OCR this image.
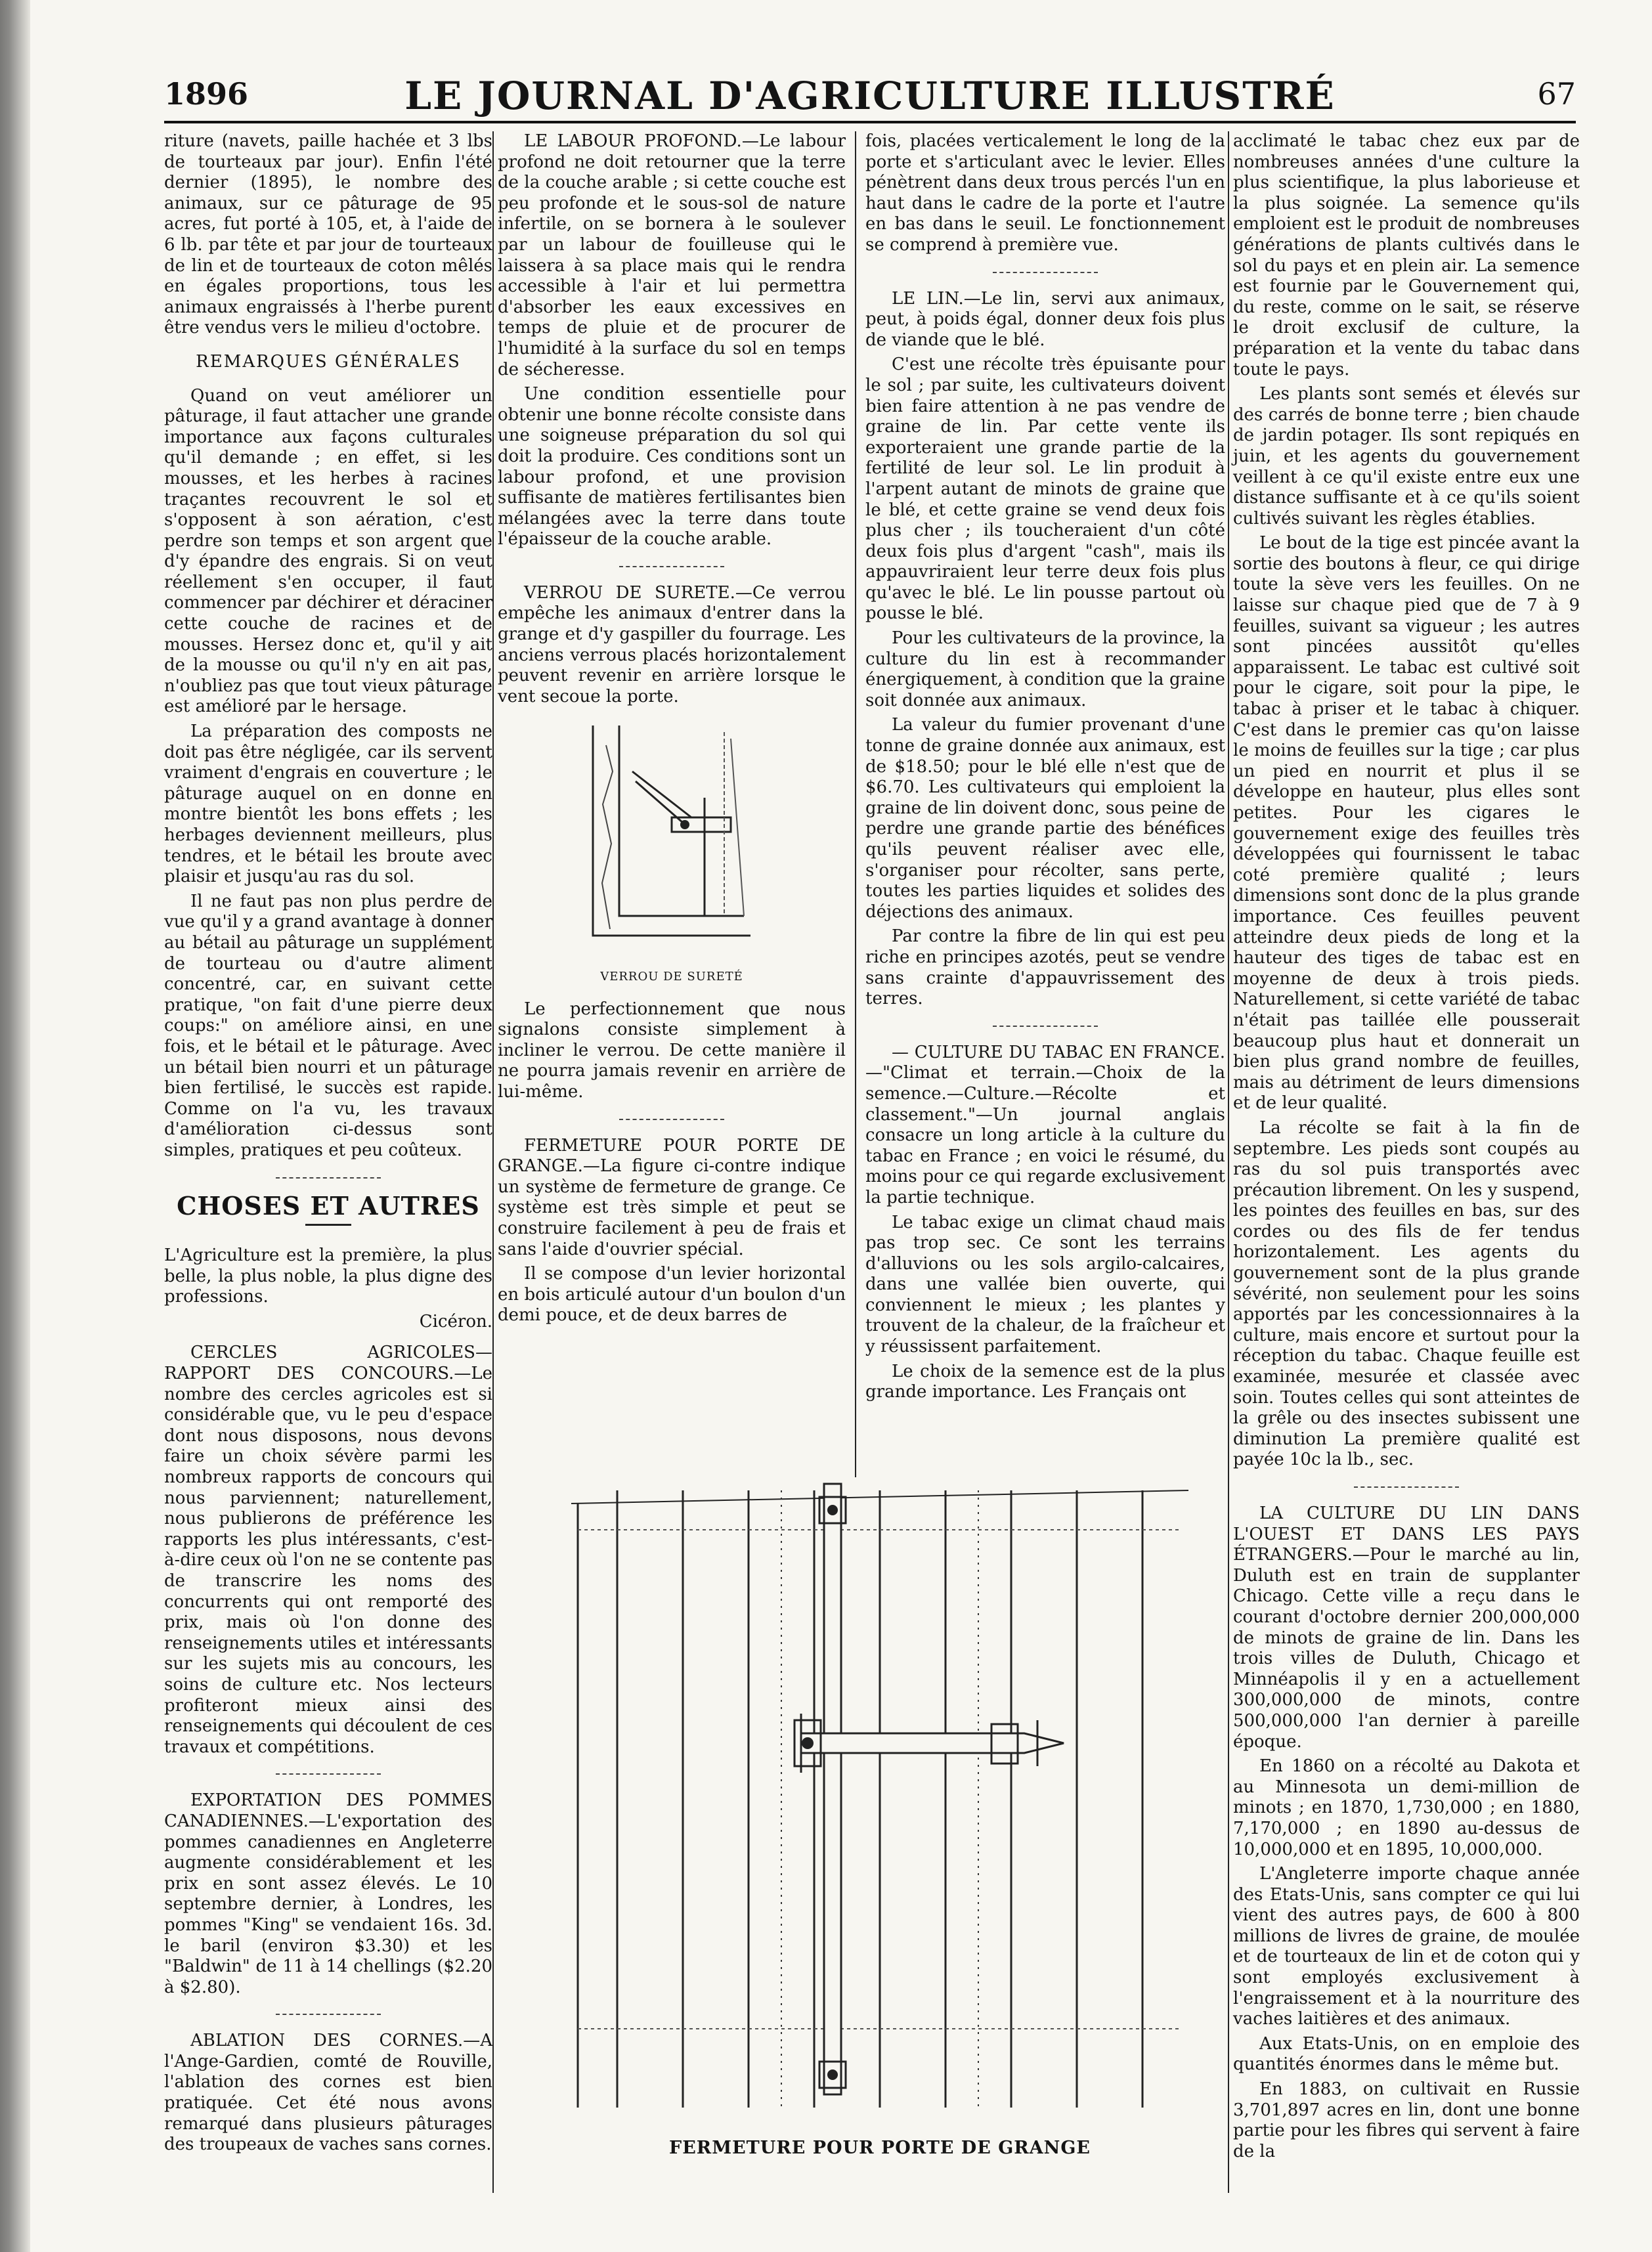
1896	LE JOURNAL D'AGRICULTURE ILLUSTRÉ	67

riture (navets, paille hachée et 3 lbs de tourteaux par jour). Enfin l'été dernier (1895), le nombre des animaux, sur ce pâturage de 95 acres, fut porté à 105, et, à l'aide de 6 lb. par tête et par jour de tourteaux de lin et de tourteaux de coton mêlés en égales proportions, tous les animaux engraissés à l'herbe purent être vendus vers le milieu d'octobre.

REMARQUES GÉNÉRALES

Quand on veut améliorer un pâturage, il faut attacher une grande importance aux façons culturales qu'il demande ; en effet, si les mousses, et les herbes à racines traçantes recouvrent le sol et s'opposent à son aération, c'est perdre son temps et son argent que d'y épandre des engrais. Si on veut réellement s'en occuper, il faut commencer par déchirer et déraciner cette couche de racines et de mousses. Hersez donc et, qu'il y ait de la mousse ou qu'il n'y en ait pas, n'oubliez pas que tout vieux pâturage est amélioré par le hersage.

La préparation des composts ne doit pas être négligée, car ils servent vraiment d'engrais en couverture ; le pâturage auquel on en donne en montre bientôt les bons effets ; les herbages deviennent meilleurs, plus tendres, et le bétail les broute avec plaisir et jusqu'au ras du sol.

Il ne faut pas non plus perdre de vue qu'il y a grand avantage à donner au bétail au pâturage un supplément de tourteau ou d'autre aliment concentré, car, en suivant cette pratique, "on fait d'une pierre deux coups:" on améliore ainsi, en une fois, et le bétail et le pâturage. Avec un bétail bien nourri et un pâturage bien fertilisé, le succès est rapide. Comme on l'a vu, les travaux d'amélioration ci-dessus sont simples, pratiques et peu coûteux.

CHOSES ET AUTRES

L'Agriculture est la première, la plus belle, la plus noble, la plus digne des professions.

Cicéron.

CERCLES AGRICOLES—RAPPORT DES CONCOURS.—Le nombre des cercles agricoles est si considérable que, vu le peu d'espace dont nous disposons, nous devons faire un choix sévère parmi les nombreux rapports de concours qui nous parviennent; naturellement, nous publierons de préférence les rapports les plus intéressants, c'est-à-dire ceux où l'on ne se contente pas de transcrire les noms des concurrents qui ont remporté des prix, mais où l'on donne des renseignements utiles et intéressants sur les sujets mis au concours, les soins de culture etc. Nos lecteurs profiteront mieux ainsi des renseignements qui découlent de ces travaux et compétitions.

EXPORTATION DES POMMES CANADIENNES.—L'exportation des pommes canadiennes en Angleterre augmente considérablement et les prix en sont assez élevés. Le 10 septembre dernier, à Londres, les pommes "King" se vendaient 16s. 3d. le baril (environ $3.30) et les "Baldwin" de 11 à 14 chellings ($2.20 à $2.80).

ABLATION DES CORNES.—A l'Ange-Gardien, comté de Rouville, l'ablation des cornes est bien pratiquée. Cet été nous avons remarqué dans plusieurs pâturages des troupeaux de vaches sans cornes.

LE LABOUR PROFOND.—Le labour profond ne doit retourner que la terre de la couche arable ; si cette couche est peu profonde et le sous-sol de nature infertile, on se bornera à le soulever par un labour de fouilleuse qui le laissera à sa place mais qui le rendra accessible à l'air et lui permettra d'absorber les eaux excessives en temps de pluie et de procurer de l'humidité à la surface du sol en temps de sécheresse.

Une condition essentielle pour obtenir une bonne récolte consiste dans une soigneuse préparation du sol qui doit la produire. Ces conditions sont un labour profond, et une provision suffisante de matières fertilisantes bien mélangées avec la terre dans toute l'épaisseur de la couche arable.

VERROU DE SURETE.—Ce verrou empêche les animaux d'entrer dans la grange et d'y gaspiller du fourrage. Les anciens verrous placés horizontalement peuvent revenir en arrière lorsque le vent secoue la porte.

VERROU DE SURETÉ

Le perfectionnement que nous signalons consiste simplement à incliner le verrou. De cette manière il ne pourra jamais revenir en arrière de lui-même.

FERMETURE POUR PORTE DE GRANGE.—La figure ci-contre indique un système de fermeture de grange. Ce système est très simple et peut se construire facilement à peu de frais et sans l'aide d'ouvrier spécial.

Il se compose d'un levier horizontal en bois articulé autour d'un boulon d'un demi pouce, et de deux barres de

fois, placées verticalement le long de la porte et s'articulant avec le levier. Elles pénètrent dans deux trous percés l'un en haut dans le cadre de la porte et l'autre en bas dans le seuil. Le fonctionnement se comprend à première vue.

LE LIN.—Le lin, servi aux animaux, peut, à poids égal, donner deux fois plus de viande que le blé.

C'est une récolte très épuisante pour le sol ; par suite, les cultivateurs doivent bien faire attention à ne pas vendre de graine de lin. Par cette vente ils exporteraient une grande partie de la fertilité de leur sol. Le lin produit à l'arpent autant de minots de graine que le blé, et cette graine se vend deux fois plus cher ; ils toucheraient d'un côté deux fois plus d'argent "cash", mais ils appauvriraient leur terre deux fois plus qu'avec le blé. Le lin pousse partout où pousse le blé.

Pour les cultivateurs de la province, la culture du lin est à recommander énergiquement, à condition que la graine soit donnée aux animaux.

La valeur du fumier provenant d'une tonne de graine donnée aux animaux, est de $18.50; pour le blé elle n'est que de $6.70. Les cultivateurs qui emploient la graine de lin doivent donc, sous peine de perdre une grande partie des bénéfices qu'ils peuvent réaliser avec elle, s'organiser pour récolter, sans perte, toutes les parties liquides et solides des déjections des animaux.

Par contre la fibre de lin qui est peu riche en principes azotés, peut se vendre sans crainte d'appauvrissement des terres.

— CULTURE DU TABAC EN FRANCE.—"Climat et terrain.—Choix de la semence.—Culture.—Récolte et classement."—Un journal anglais consacre un long article à la culture du tabac en France ; en voici le résumé, du moins pour ce qui regarde exclusivement la partie technique.

Le tabac exige un climat chaud mais pas trop sec. Ce sont les terrains d'alluvions ou les sols argilo-calcaires, dans une vallée bien ouverte, qui conviennent le mieux ; les plantes y trouvent de la chaleur, de la fraîcheur et y réussissent parfaitement.

Le choix de la semence est de la plus grande importance. Les Français ont

acclimaté le tabac chez eux par de nombreuses années d'une culture la plus scientifique, la plus laborieuse et la plus soignée. La semence qu'ils emploient est le produit de nombreuses générations de plants cultivés dans le sol du pays et en plein air. La semence est fournie par le Gouvernement qui, du reste, comme on le sait, se réserve le droit exclusif de culture, la préparation et la vente du tabac dans toute le pays.

Les plants sont semés et élevés sur des carrés de bonne terre ; bien chaude de jardin potager. Ils sont repiqués en juin, et les agents du gouvernement veillent à ce qu'il existe entre eux une distance suffisante et à ce qu'ils soient cultivés suivant les règles établies.

Le bout de la tige est pincée avant la sortie des boutons à fleur, ce qui dirige toute la sève vers les feuilles. On ne laisse sur chaque pied que de 7 à 9 feuilles, suivant sa vigueur ; les autres sont pincées aussitôt qu'elles apparaissent. Le tabac est cultivé soit pour le cigare, soit pour la pipe, le tabac à priser et le tabac à chiquer. C'est dans le premier cas qu'on laisse le moins de feuilles sur la tige ; car plus un pied en nourrit et plus il se développe en hauteur, plus elles sont petites. Pour les cigares le gouvernement exige des feuilles très développées qui fournissent le tabac coté première qualité ; leurs dimensions sont donc de la plus grande importance. Ces feuilles peuvent atteindre deux pieds de long et la hauteur des tiges de tabac est en moyenne de deux à trois pieds. Naturellement, si cette variété de tabac n'était pas taillée elle pousserait beaucoup plus haut et donnerait un bien plus grand nombre de feuilles, mais au détriment de leurs dimensions et de leur qualité.

La récolte se fait à la fin de septembre. Les pieds sont coupés au ras du sol puis transportés avec précaution librement. On les y suspend, les pointes des feuilles en bas, sur des cordes ou des fils de fer tendus horizontalement. Les agents du gouvernement sont de la plus grande sévérité, non seulement pour les soins apportés par les concessionnaires à la culture, mais encore et surtout pour la réception du tabac. Chaque feuille est examinée, mesurée et classée avec soin. Toutes celles qui sont atteintes de la grêle ou des insectes subissent une diminution La première qualité est payée 10c la lb., sec.

LA CULTURE DU LIN DANS L'OUEST ET DANS LES PAYS ÉTRANGERS.—Pour le marché au lin, Duluth est en train de supplanter Chicago. Cette ville a reçu dans le courant d'octobre dernier 200,000,000 de minots de graine de lin. Dans les trois villes de Duluth, Chicago et Minnéapolis il y en a actuellement 300,000,000 de minots, contre 500,000,000 l'an dernier à pareille époque.

En 1860 on a récolté au Dakota et au Minnesota un demi-million de minots ; en 1870, 1,730,000 ; en 1880, 7,170,000 ; en 1890 au-dessus de 10,000,000 et en 1895, 10,000,000.

L'Angleterre importe chaque année des Etats-Unis, sans compter ce qui lui vient des autres pays, de 600 à 800 millions de livres de graine, de moulée et de tourteaux de lin et de coton qui y sont employés exclusivement à l'engraissement et à la nourriture des vaches laitières et des animaux.

Aux Etats-Unis, on en emploie des quantités énormes dans le même but.

En 1883, on cultivait en Russie 3,701,897 acres en lin, dont une bonne partie pour les fibres qui servent à faire de la

FERMETURE POUR PORTE DE GRANGE
